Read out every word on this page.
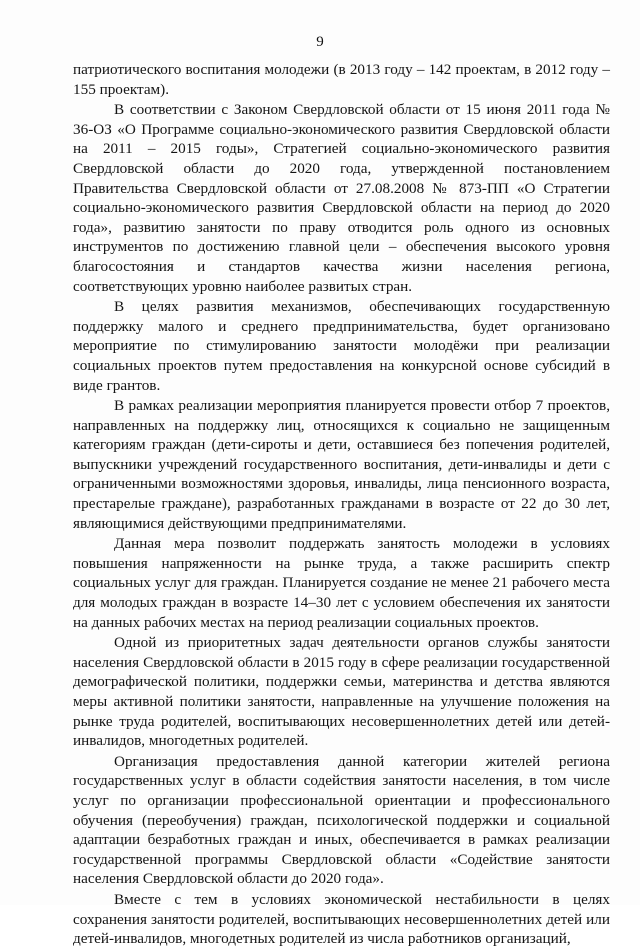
9

патриотического воспитания молодежи (в 2013 году – 142 проектам, в 2012 году – 155 проектам).

В соответствии с Законом Свердловской области от 15 июня 2011 года № 36-ОЗ «О Программе социально-экономического развития Свердловской области на 2011 – 2015 годы», Стратегией социально-экономического развития Свердловской области до 2020 года, утвержденной постановлением Правительства Свердловской области от 27.08.2008 № 873-ПП «О Стратегии социально-экономического развития Свердловской области на период до 2020 года», развитию занятости по праву отводится роль одного из основных инструментов по достижению главной цели – обеспечения высокого уровня благосостояния и стандартов качества жизни населения региона, соответствующих уровню наиболее развитых стран.

В целях развития механизмов, обеспечивающих государственную поддержку малого и среднего предпринимательства, будет организовано мероприятие по стимулированию занятости молодёжи при реализации социальных проектов путем предоставления на конкурсной основе субсидий в виде грантов.

В рамках реализации мероприятия планируется провести отбор 7 проектов, направленных на поддержку лиц, относящихся к социально не защищенным категориям граждан (дети-сироты и дети, оставшиеся без попечения родителей, выпускники учреждений государственного воспитания, дети-инвалиды и дети с ограниченными возможностями здоровья, инвалиды, лица пенсионного возраста, престарелые граждане), разработанных гражданами в возрасте от 22 до 30 лет, являющимися действующими предпринимателями.

Данная мера позволит поддержать занятость молодежи в условиях повышения напряженности на рынке труда, а также расширить спектр социальных услуг для граждан. Планируется создание не менее 21 рабочего места для молодых граждан в возрасте 14–30 лет с условием обеспечения их занятости на данных рабочих местах на период реализации социальных проектов.

Одной из приоритетных задач деятельности органов службы занятости населения Свердловской области в 2015 году в сфере реализации государственной демографической политики, поддержки семьи, материнства и детства являются меры активной политики занятости, направленные на улучшение положения на рынке труда родителей, воспитывающих несовершеннолетних детей или детей-инвалидов, многодетных родителей.

Организация предоставления данной категории жителей региона государственных услуг в области содействия занятости населения, в том числе услуг по организации профессиональной ориентации и профессионального обучения (переобучения) граждан, психологической поддержки и социальной адаптации безработных граждан и иных, обеспечивается в рамках реализации государственной программы Свердловской области «Содействие занятости населения Свердловской области до 2020 года».

Вместе с тем в условиях экономической нестабильности в целях сохранения занятости родителей, воспитывающих несовершеннолетних детей или детей-инвалидов, многодетных родителей из числа работников организаций,
